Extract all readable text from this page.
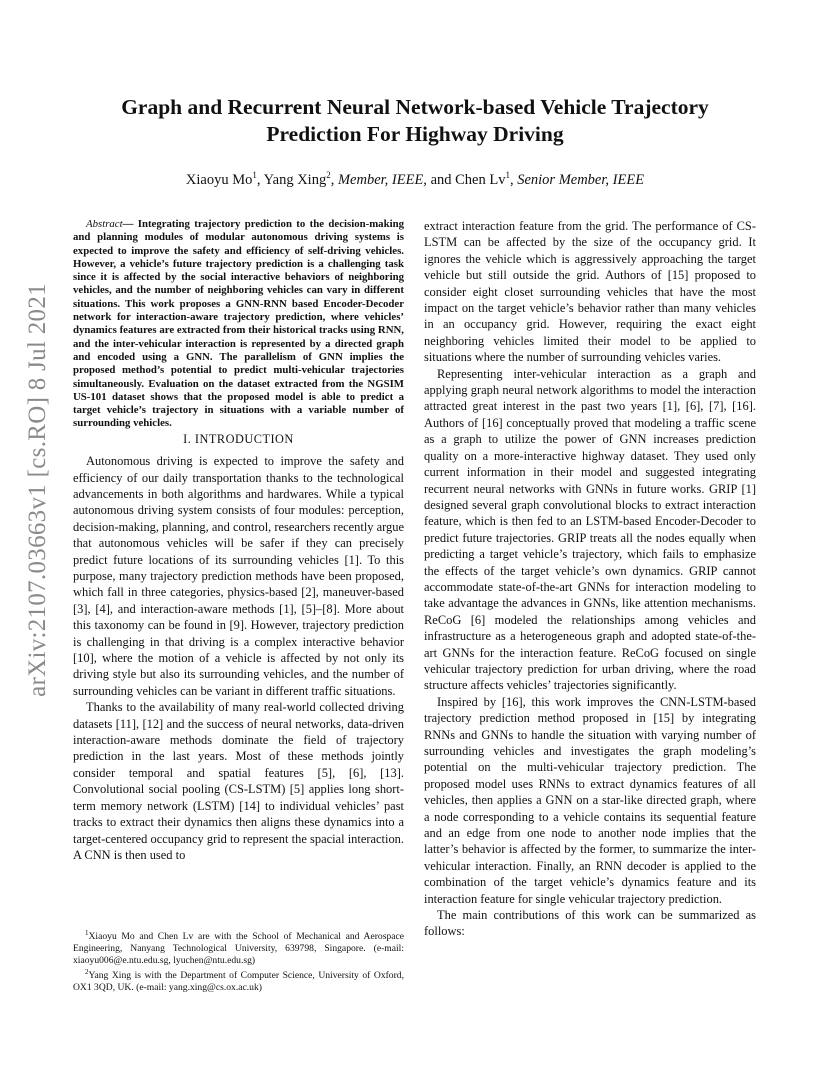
arXiv:2107.03663v1 [cs.RO] 8 Jul 2021
Graph and Recurrent Neural Network-based Vehicle Trajectory Prediction For Highway Driving
Xiaoyu Mo$^1$, Yang Xing$^2$, Member, IEEE, and Chen Lv$^1$, Senior Member, IEEE

Abstract— Integrating trajectory prediction to the decision-making and planning modules of modular autonomous driving systems is expected to improve the safety and efficiency of self-driving vehicles. However, a vehicle’s future trajectory prediction is a challenging task since it is affected by the social interactive behaviors of neighboring vehicles, and the number of neighboring vehicles can vary in different situations. This work proposes a GNN-RNN based Encoder-Decoder network for interaction-aware trajectory prediction, where vehicles’ dynamics features are extracted from their historical tracks using RNN, and the inter-vehicular interaction is represented by a directed graph and encoded using a GNN. The parallelism of GNN implies the proposed method’s potential to predict multi-vehicular trajectories simultaneously. Evaluation on the dataset extracted from the NGSIM US-101 dataset shows that the proposed model is able to predict a target vehicle’s trajectory in situations with a variable number of surrounding vehicles.

I. INTRODUCTION

Autonomous driving is expected to improve the safety and efficiency of our daily transportation thanks to the technological advancements in both algorithms and hardwares. While a typical autonomous driving system consists of four modules: perception, decision-making, planning, and control, researchers recently argue that autonomous vehicles will be safer if they can precisely predict future locations of its surrounding vehicles [1]. To this purpose, many trajectory prediction methods have been proposed, which fall in three categories, physics-based [2], maneuver-based [3], [4], and interaction-aware methods [1], [5]–[8]. More about this taxonomy can be found in [9]. However, trajectory prediction is challenging in that driving is a complex interactive behavior [10], where the motion of a vehicle is affected by not only its driving style but also its surrounding vehicles, and the number of surrounding vehicles can be variant in different traffic situations.

Thanks to the availability of many real-world collected driving datasets [11], [12] and the success of neural networks, data-driven interaction-aware methods dominate the field of trajectory prediction in the last years. Most of these methods jointly consider temporal and spatial features [5], [6], [13]. Convolutional social pooling (CS-LSTM) [5] applies long short-term memory network (LSTM) [14] to individual vehicles’ past tracks to extract their dynamics then aligns these dynamics into a target-centered occupancy grid to represent the spacial interaction. A CNN is then used to

$^1$Xiaoyu Mo and Chen Lv are with the School of Mechanical and Aerospace Engineering, Nanyang Technological University, 639798, Singapore. (e-mail: xiaoyu006@e.ntu.edu.sg, lyuchen@ntu.edu.sg)

$^2$Yang Xing is with the Department of Computer Science, University of Oxford, OX1 3QD, UK. (e-mail: yang.xing@cs.ox.ac.uk)

extract interaction feature from the grid. The performance of CS-LSTM can be affected by the size of the occupancy grid. It ignores the vehicle which is aggressively approaching the target vehicle but still outside the grid. Authors of [15] proposed to consider eight closet surrounding vehicles that have the most impact on the target vehicle’s behavior rather than many vehicles in an occupancy grid. However, requiring the exact eight neighboring vehicles limited their model to be applied to situations where the number of surrounding vehicles varies.

Representing inter-vehicular interaction as a graph and applying graph neural network algorithms to model the interaction attracted great interest in the past two years [1], [6], [7], [16]. Authors of [16] conceptually proved that modeling a traffic scene as a graph to utilize the power of GNN increases prediction quality on a more-interactive highway dataset. They used only current information in their model and suggested integrating recurrent neural networks with GNNs in future works. GRIP [1] designed several graph convolutional blocks to extract interaction feature, which is then fed to an LSTM-based Encoder-Decoder to predict future trajectories. GRIP treats all the nodes equally when predicting a target vehicle’s trajectory, which fails to emphasize the effects of the target vehicle’s own dynamics. GRIP cannot accommodate state-of-the-art GNNs for interaction modeling to take advantage the advances in GNNs, like attention mechanisms. ReCoG [6] modeled the relationships among vehicles and infrastructure as a heterogeneous graph and adopted state-of-the-art GNNs for the interaction feature. ReCoG focused on single vehicular trajectory prediction for urban driving, where the road structure affects vehicles’ trajectories significantly.

Inspired by [16], this work improves the CNN-LSTM-based trajectory prediction method proposed in [15] by integrating RNNs and GNNs to handle the situation with varying number of surrounding vehicles and investigates the graph modeling’s potential on the multi-vehicular trajectory prediction. The proposed model uses RNNs to extract dynamics features of all vehicles, then applies a GNN on a star-like directed graph, where a node corresponding to a vehicle contains its sequential feature and an edge from one node to another node implies that the latter’s behavior is affected by the former, to summarize the inter-vehicular interaction. Finally, an RNN decoder is applied to the combination of the target vehicle’s dynamics feature and its interaction feature for single vehicular trajectory prediction.

The main contributions of this work can be summarized as follows:
